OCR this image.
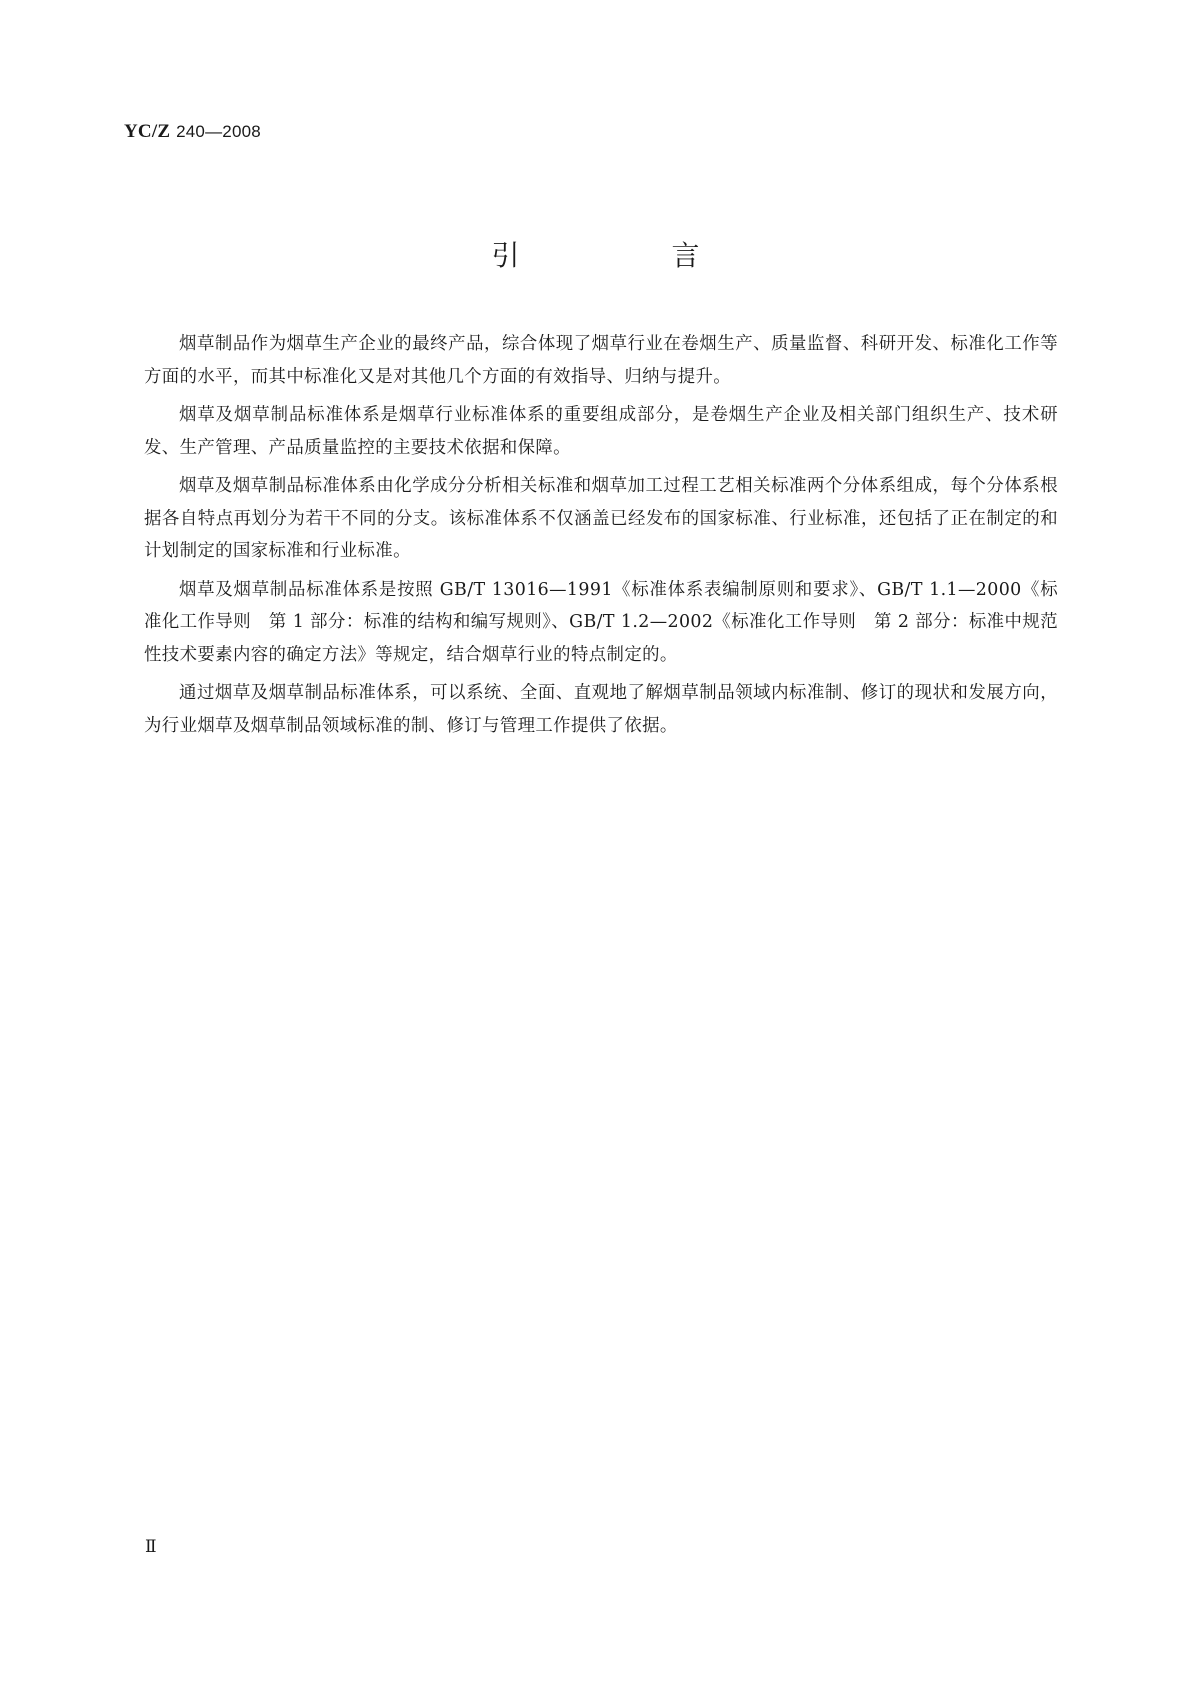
YC/Z 240—2008
引　言

烟草制品作为烟草生产企业的最终产品，综合体现了烟草行业在卷烟生产、质量监督、科研开发、标准化工作等方面的水平，而其中标准化又是对其他几个方面的有效指导、归纳与提升。

烟草及烟草制品标准体系是烟草行业标准体系的重要组成部分，是卷烟生产企业及相关部门组织生产、技术研发、生产管理、产品质量监控的主要技术依据和保障。

烟草及烟草制品标准体系由化学成分分析相关标准和烟草加工过程工艺相关标准两个分体系组成，每个分体系根据各自特点再划分为若干不同的分支。该标准体系不仅涵盖已经发布的国家标准、行业标准，还包括了正在制定的和计划制定的国家标准和行业标准。

烟草及烟草制品标准体系是按照 GB/T 13016—1991《标准体系表编制原则和要求》、GB/T 1.1—2000《标准化工作导则　第 1 部分：标准的结构和编写规则》、GB/T 1.2—2002《标准化工作导则　第 2 部分：标准中规范性技术要素内容的确定方法》等规定，结合烟草行业的特点制定的。

通过烟草及烟草制品标准体系，可以系统、全面、直观地了解烟草制品领域内标准制、修订的现状和发展方向，为行业烟草及烟草制品领域标准的制、修订与管理工作提供了依据。

Ⅱ
